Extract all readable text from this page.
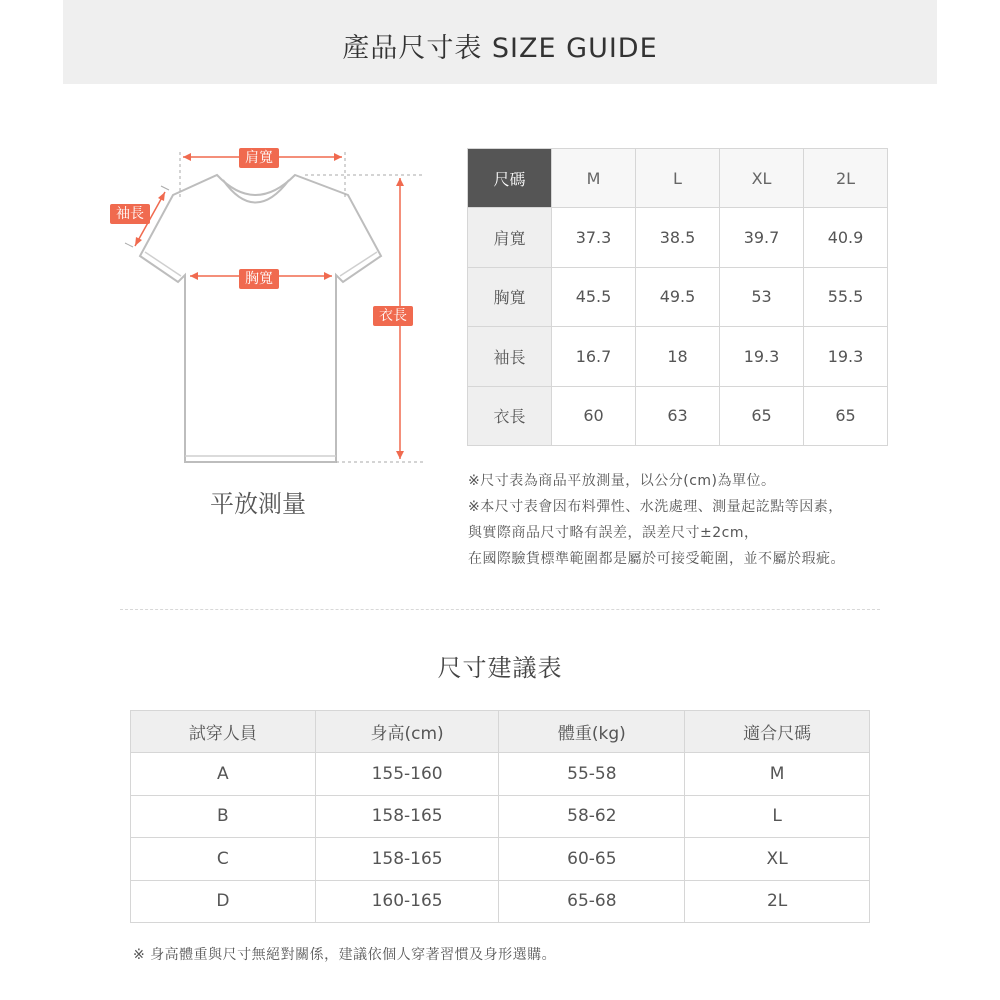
產品尺寸表 SIZE GUIDE
肩寬
袖長
胸寬
衣長
平放測量
尺碼	M	L	XL	2L
肩寬	37.3	38.5	39.7	40.9
胸寬	45.5	49.5	53	55.5
袖長	16.7	18	19.3	19.3
衣長	60	63	65	65
※尺寸表為商品平放測量，以公分(cm)為單位。
※本尺寸表會因布料彈性、水洗處理、測量起訖點等因素，
與實際商品尺寸略有誤差，誤差尺寸±2cm，
在國際驗貨標準範圍都是屬於可接受範圍，並不屬於瑕疵。
尺寸建議表
試穿人員	身高(cm)	體重(kg)	適合尺碼
A	155-160	55-58	M
B	158-165	58-62	L
C	158-165	60-65	XL
D	160-165	65-68	2L
※ 身高體重與尺寸無絕對關係，建議依個人穿著習慣及身形選購。
